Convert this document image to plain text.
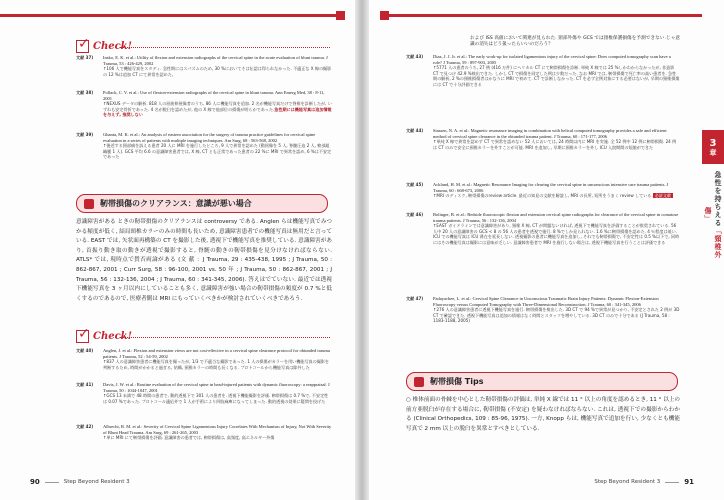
✓ Check!
文献 37) Insko, E. K. et al.: Utility of flexion and extension radiographs of the cervical spine in the acute evaluation of blunt trauma. J Trauma, 53 : 426-429, 2002
↑106 人で機能写真をスタディ. 急性期にはスパズムのため, 30 %においてそは伝認は得られなかった. 不適正な X 線の撮影の 12 %は追加 CT にて異常を認めた。
文献 38) Pollack, C. V. et al.: Use of flexion-extension radiographs of the cervical spine in blunt trauma. Ann Emerg Med, 38 : 8-11, 2001
↑NEXUS データの解析. 818 人の屈曲伸展像者のうち, 86 人に機能写真を追加. 2 名が機能写真だけで脊椎を診断したが, いずれも安定骨折であった. 4 名が脱臼を認めたが, 他の X 線で他部位の損傷が明らかであった.急性期には機能写真は追加情報を与えず, 推奨しない
文献 39) Ghanta, M. K. et al.: An analysis of eastern association for the surgery of trauma practice guidelines for cervical spine evaluation in a series of patients with multiple imaging techniques. Am Surg, 68 : 563-568, 2002
↑後述する頸部痛を訴える患者 20 人に MRI を施行したところ, 9 人で異常を認めた (動揺像を 5 人, 脊髄圧迫 2 人, 軟部組織腫 1 人). GCS 平均 6.6 の意識障害患者では, X 線, CT とも正常であった患者の 22 %に MRI で異常を認め, 6 %は不安定であった
靭帯損傷のクリアランス：意識が悪い場合
意識障害がある ときの靭帯損傷のクリアランスは controversy である. Anglen らは機能写真でみつかる頻度が低く, 結局頸椎カラーのみの時間も長いため, 意識障害患者での機能写真は無用だと言っている. EAST では, 矢状面再構築の CT を撮影した後, 透視下で機能写真を推奨している. 意識障害があり, 首振り動き取の動きが透視で撮影すると, 脊髄の動きの靭帯損傷を見分けなければならない. ATLS* では, 現時点で賛否両論がある (文 献 ：J Trauma, 29 : 435-438, 1995 ; J Trauma, 50 : 862-867, 2001 ; Curr Surg, 58 : 96-100, 2001 vs. 50 年 ; J Trauma, 50 : 862-867, 2001 ; J Trauma, 56 : 132-136, 2004 ; J Trauma, 60 : 341-345, 2006). 答えはでていない. 最近では透視下機能写真を 3 ヶ月以内にしていることも多く, 意識障害が強い場合の靭帯損傷の頻度が 0.7 %と低くするのであるので, 医療者側は MRI にもっていくべきかが検討されていくべきであろう.
✓ Check!
文献 40) Anglen, J. et al.: Flexion and extension views are not cost-effective in a cervical spine clearance protocol for obtunded trauma patients. J Trauma, 52 : 54-59, 2002
↑837 人の意識障害患者に機能写真を撮ったが, 1/3 で不適当な撮影であった. 1 人の損傷がカラーを用い機能写真の撮影を判断するため, 時間がかかると過ぎる, 結構, 頸椎カラーの時間も長くなる. プロトコールから機能写真は除外した
文献 41) Davis, J. W. et al.: Routine evaluation of the cervical spine in head-injured patients with dynamic fluoroscopy: a reappraisal. J Trauma, 50 : 1044-1047, 2001
↑GCS 13 未満で 48 時間の患者で, 動的透視下で 301 人の患者を. 透視下機能撮影を評価. 靭帯損傷は 0.7 %で, 不安定性は 0.07 %であった. プロトコール適応外で 1 人が手術により四肢麻痺になってしまった. 動的透視の効果に疑問を投げた
文献 42) Albrecht, R. M. et al.: Severity of Cervical Spine Ligamentous Injury Correlates With Mechanism of Injury, Not With Severity of Blunt Head Trauma. Am Surg, 69 : 261-265, 2003
↑単に MRI にて靭帯損傷を評価. 意識障害の患者では, 靭帯損傷は, 高頻度, 高エネルギー外傷
90	Step Beyond Resident 3
および ISS 高値において関連が見られた. 頸部外傷や GCS では頸椎保護損傷を予測できない.じゃ意識の消失はどう扱ったらいいのだろう？
文献 43) Diaz, J. J. Jr. et al.: The early work-up for isolated ligamentous injury of the cervical spine: Does computed tomography scan have a role? J Trauma, 59 : 897-903, 2005
↑5771 人の患者のうち, 27 例 (416 万件) にヘリカル CT にて靭帯損傷を診断. 単純 X 線では 25 %しかわからなかったが, 非造影 CT で見つけ 42.9 %検出できた. しかし CT で損傷を同定した例は少数だった. なお MRI では, 靭帯損傷で死亡率の高い患者を. 急性期の解析, 2 %の頸椎損傷者はかなりに MRI で初めて. CT で診断しなかった. CT を必ず全例対象にする必要はないが, 早期の頸椎損傷には CT で十分評価できる
文献 44) Stassen, N. A. et al.: Magnetic resonance imaging in combination with helical computed tomography provides a safe and efficient method of cervical spine clearance in the obtunded trauma patient. J Trauma, 60 : 171-177, 2006
↑単純 X 線で異常を認めず CT で異常を認めない 52 人においては, 24 時間以内に MRI を実施. 全 52 例中 12 例に靭帯損傷. 24 例は CT のみで安全に頸椎カラーを外すことが可能. MRI を追加し, 早期に頸椎カラーを外し ICU 入院期間の短縮ができた
文献 45) Ackland, H. M. et al.: Magnetic Resonance Imaging for clearing the cervical spine in unconscious intensive care trauma patients. J Trauma, 60 : 668-673, 2006
↑MRI のディスク, 靭帯損傷のreview article. 最近の知見の文献を解説し, MRI の長所, 短所をうまく review している. 必読文献
文献 46) Bolinger, B. et al.: Bedside fluoroscopic flexion and extension cervical spine radiographs for clearance of the cervical spine in comatose trauma patients. J Trauma, 56 : 132-136, 2004
↑EAST ガイドラインでは意識障害があり, 頸椎 X 線, CT が問題ないければ, 透視下で機能写真を評価することが推奨されている. 56 人中 20 人の意識障害の GCS < 8 の 56 人の患者を透視で施行. 8 %でしか見られない. 1.6 %に靭帯損傷を認めた. 4 ％程度は低い. ICU での機能写真は ICU 滞在を延長しない. 透視撮影の患者に機能写真を追加し, それでも靭帯損傷で, 不安定性は 0.5 %以下で, 同時にはその機能写真は撮影には意味が乏しい. 意識障害患者で MRI を施行しない場合は, 透視下機能写真を行うことは評価できる
文献 47) Padayachee, L. et al.: Cervical Spine Clearance in Unconscious Traumatic Brain Injury Patients: Dynamic Flexion-Extension Fluoroscopy versus Computed Tomography with Three-Dimensional Reconstruction. J Trauma, 60 : 341-345, 2006
↑276 人の意識障害患者に透視下機能写真を施行. 靭帯損傷を検出した. 3D CT で 94 %で異常が見つかり, 不安定とされた 2 例が 3D CT で確認できた. 透視下機能写真は追加の情報はなく時間とスタッフを増やしている. 3D CT のみで十分である (J Trauma, 58 : 1183-1188, 2005)
靭帯損傷 Tips
○ 椎体前面の骨棘を中心とした靭帯損傷の評価は, 単純 X 線では 11 ° 以上の角度を認めるとき, 11 ° 以上の前方亜脱臼が存在する場合に, 靭帯損傷 (不安定) を疑わなければならない. これは, 透視下での撮影からわかる (Clinical Orthopedics, 109 : 85-96, 1975). 一方, Knopp らは, 機能写真で追加を行い, 少なくとも機能写真で 2 mm 以上の脱臼を異常とすべきとしている.
3
章
急性を持ちえる「頸椎外傷」
Step Beyond Resident 3	91
